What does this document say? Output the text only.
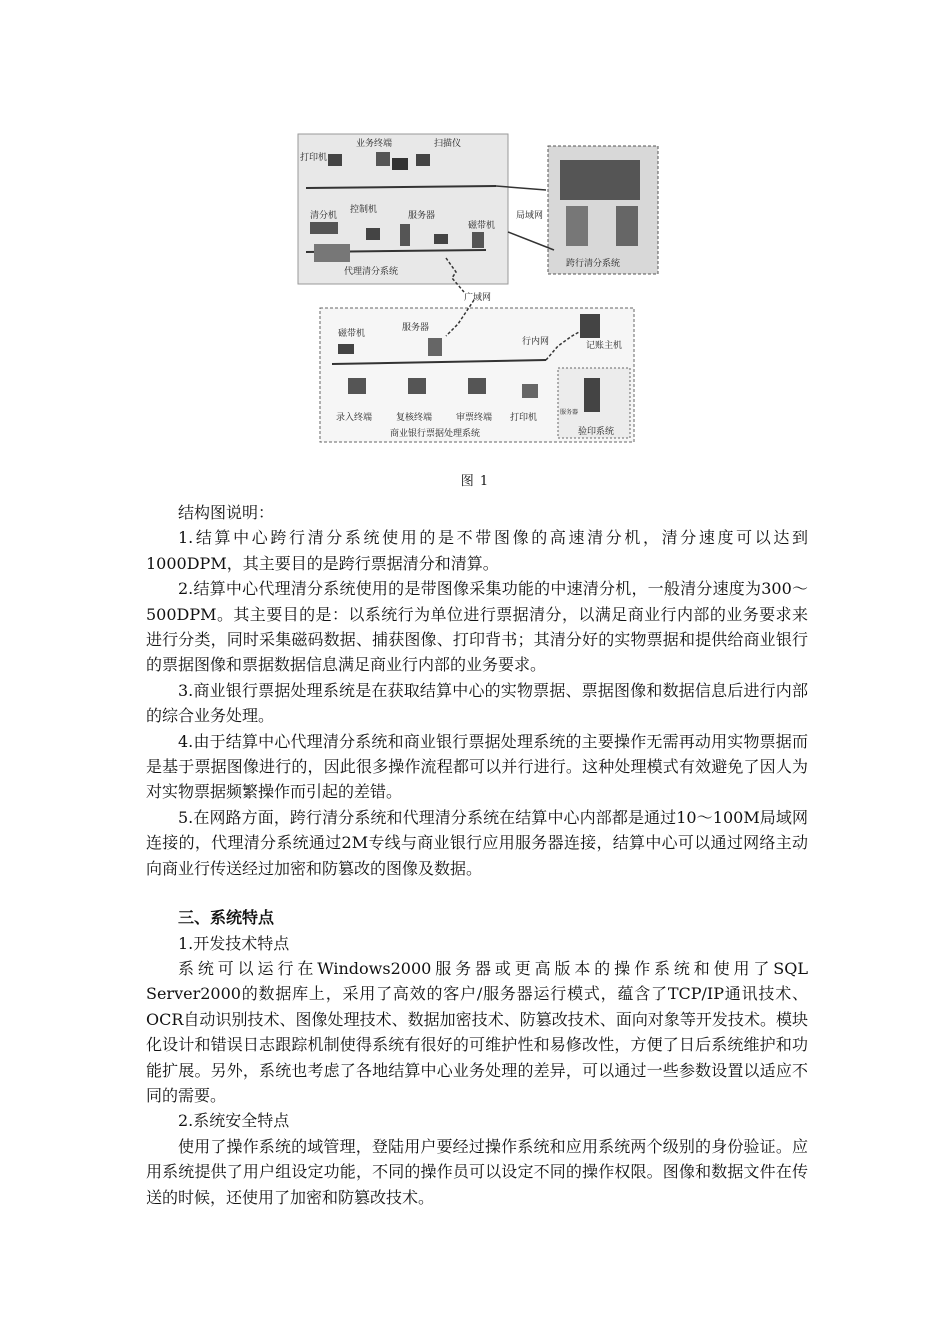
打印机
业务终端	扫描仪
清分机
控制机
服务器
磁带机
局域网
代理清分系统
跨行清分系统
广域网
磁带机
服务器
行内网	记账主机
录入终端	复核终端	审票终端 打印机
商业银行票据处理系统
服务器
验印系统
图 1

结构图说明：

1.结算中心跨行清分系统使用的是不带图像的高速清分机，清分速度可以达到1000DPM，其主要目的是跨行票据清分和清算。

2.结算中心代理清分系统使用的是带图像采集功能的中速清分机，一般清分速度为300～500DPM。其主要目的是：以系统行为单位进行票据清分，以满足商业行内部的业务要求来进行分类，同时采集磁码数据、捕获图像、打印背书；其清分好的实物票据和提供给商业银行的票据图像和票据数据信息满足商业行内部的业务要求。

3.商业银行票据处理系统是在获取结算中心的实物票据、票据图像和数据信息后进行内部的综合业务处理。

4.由于结算中心代理清分系统和商业银行票据处理系统的主要操作无需再动用实物票据而是基于票据图像进行的，因此很多操作流程都可以并行进行。这种处理模式有效避免了因人为对实物票据频繁操作而引起的差错。

5.在网路方面，跨行清分系统和代理清分系统在结算中心内部都是通过10～100M局域网连接的，代理清分系统通过2M专线与商业银行应用服务器连接，结算中心可以通过网络主动向商业行传送经过加密和防篡改的图像及数据。

三、系统特点

1.开发技术特点

系统可以运行在Windows2000服务器或更高版本的操作系统和使用了SQL Server2000的数据库上，采用了高效的客户/服务器运行模式，蕴含了TCP/IP通讯技术、OCR自动识别技术、图像处理技术、数据加密技术、防篡改技术、面向对象等开发技术。模块化设计和错误日志跟踪机制使得系统有很好的可维护性和易修改性，方便了日后系统维护和功能扩展。另外，系统也考虑了各地结算中心业务处理的差异，可以通过一些参数设置以适应不同的需要。

2.系统安全特点

使用了操作系统的域管理，登陆用户要经过操作系统和应用系统两个级别的身份验证。应用系统提供了用户组设定功能，不同的操作员可以设定不同的操作权限。图像和数据文件在传送的时候，还使用了加密和防篡改技术。
